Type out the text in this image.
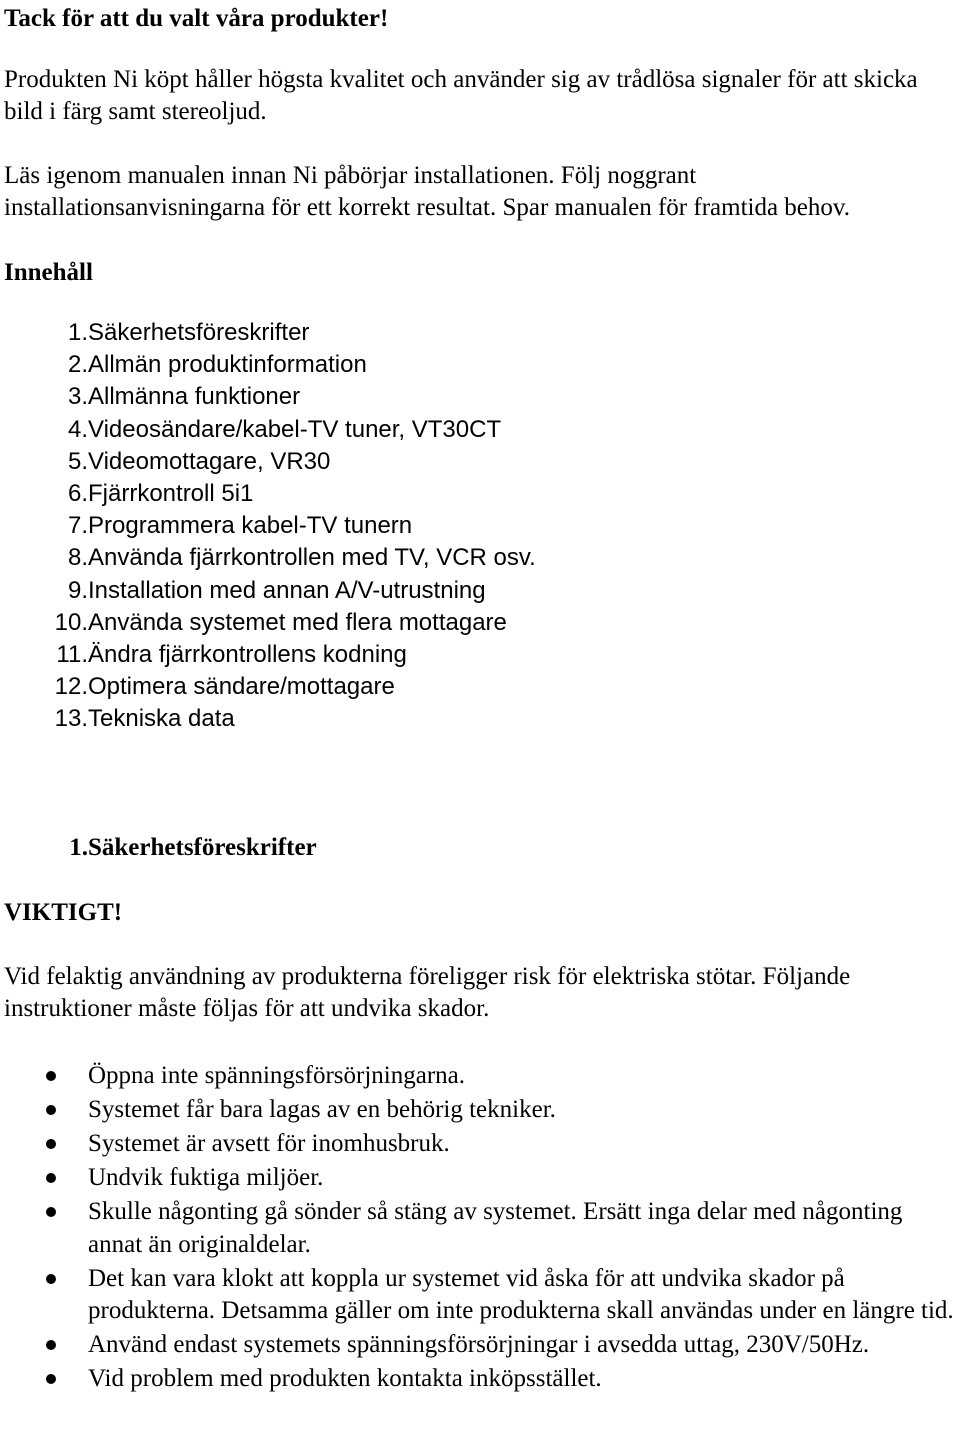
Tack för att du valt våra produkter!
Produkten Ni köpt håller högsta kvalitet och använder sig av trådlösa signaler för att skicka bild i färg samt stereoljud.
Läs igenom manualen innan Ni påbörjar installationen. Följ noggrant installationsanvisningarna för ett korrekt resultat. Spar manualen för framtida behov.
Innehåll
1. Säkerhetsföreskrifter
2. Allmän produktinformation
3. Allmänna funktioner
4. Videosändare/kabel-TV tuner, VT30CT
5. Videomottagare, VR30
6. Fjärrkontroll 5i1
7. Programmera kabel-TV tunern
8. Använda fjärrkontrollen med TV, VCR osv.
9. Installation med annan A/V-utrustning
10. Använda systemet med flera mottagare
11. Ändra fjärrkontrollens kodning
12. Optimera sändare/mottagare
13. Tekniska data
1. Säkerhetsföreskrifter
VIKTIGT!
Vid felaktig användning av produkterna föreligger risk för elektriska stötar. Följande instruktioner måste följas för att undvika skador.
Öppna inte spänningsförsörjningarna.
Systemet får bara lagas av en behörig tekniker.
Systemet är avsett för inomhusbruk.
Undvik fuktiga miljöer.
Skulle någonting gå sönder så stäng av systemet. Ersätt inga delar med någonting annat än originaldelar.
Det kan vara klokt att koppla ur systemet vid åska för att undvika skador på produkterna. Detsamma gäller om inte produkterna skall användas under en längre tid.
Använd endast systemets spänningsförsörjningar i avsedda uttag, 230V/50Hz.
Vid problem med produkten kontakta inköpsstället.
